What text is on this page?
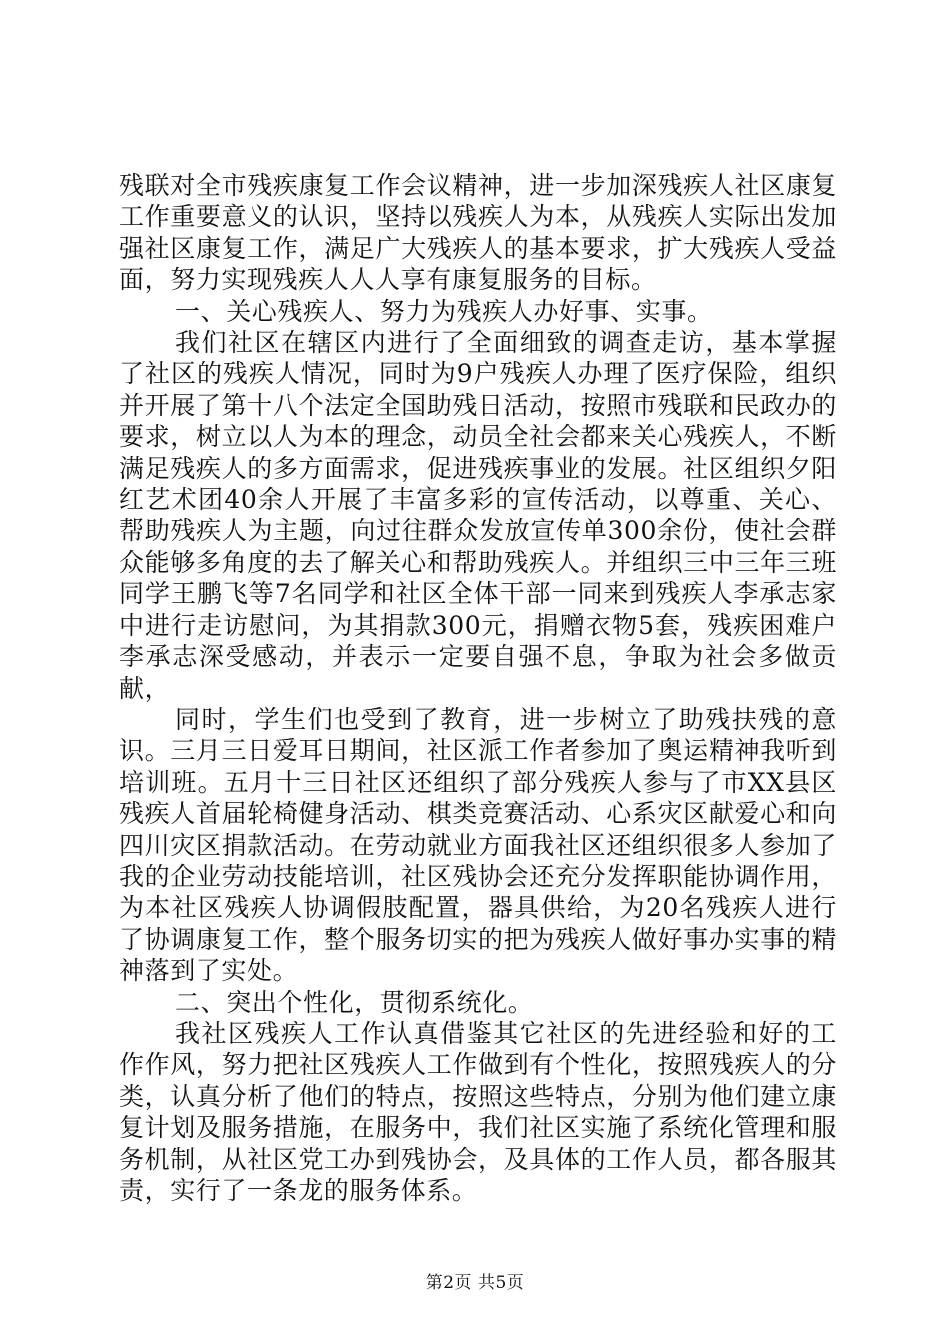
残联对全市残疾康复工作会议精神，进一步加深残疾人社区康复工作重要意义的认识，坚持以残疾人为本，从残疾人实际出发加强社区康复工作，满足广大残疾人的基本要求，扩大残疾人受益面，努力实现残疾人人人享有康复服务的目标。

一、关心残疾人、努力为残疾人办好事、实事。

我们社区在辖区内进行了全面细致的调查走访，基本掌握了社区的残疾人情况，同时为9户残疾人办理了医疗保险，组织并开展了第十八个法定全国助残日活动，按照市残联和民政办的要求，树立以人为本的理念，动员全社会都来关心残疾人，不断满足残疾人的多方面需求，促进残疾事业的发展。社区组织夕阳红艺术团40余人开展了丰富多彩的宣传活动，以尊重、关心、帮助残疾人为主题，向过往群众发放宣传单300余份，使社会群众能够多角度的去了解关心和帮助残疾人。并组织三中三年三班同学王鹏飞等7名同学和社区全体干部一同来到残疾人李承志家中进行走访慰问，为其捐款300元，捐赠衣物5套，残疾困难户李承志深受感动，并表示一定要自强不息，争取为社会多做贡献，

同时，学生们也受到了教育，进一步树立了助残扶残的意识。三月三日爱耳日期间，社区派工作者参加了奥运精神我听到培训班。五月十三日社区还组织了部分残疾人参与了市XX县区残疾人首届轮椅健身活动、棋类竞赛活动、心系灾区献爱心和向四川灾区捐款活动。在劳动就业方面我社区还组织很多人参加了我的企业劳动技能培训，社区残协会还充分发挥职能协调作用，为本社区残疾人协调假肢配置，器具供给，为20名残疾人进行了协调康复工作，整个服务切实的把为残疾人做好事办实事的精神落到了实处。

二、突出个性化，贯彻系统化。

我社区残疾人工作认真借鉴其它社区的先进经验和好的工作作风，努力把社区残疾人工作做到有个性化，按照残疾人的分类，认真分析了他们的特点，按照这些特点，分别为他们建立康复计划及服务措施，在服务中，我们社区实施了系统化管理和服务机制，从社区党工办到残协会，及具体的工作人员，都各服其责，实行了一条龙的服务体系。

第2页 共5页
